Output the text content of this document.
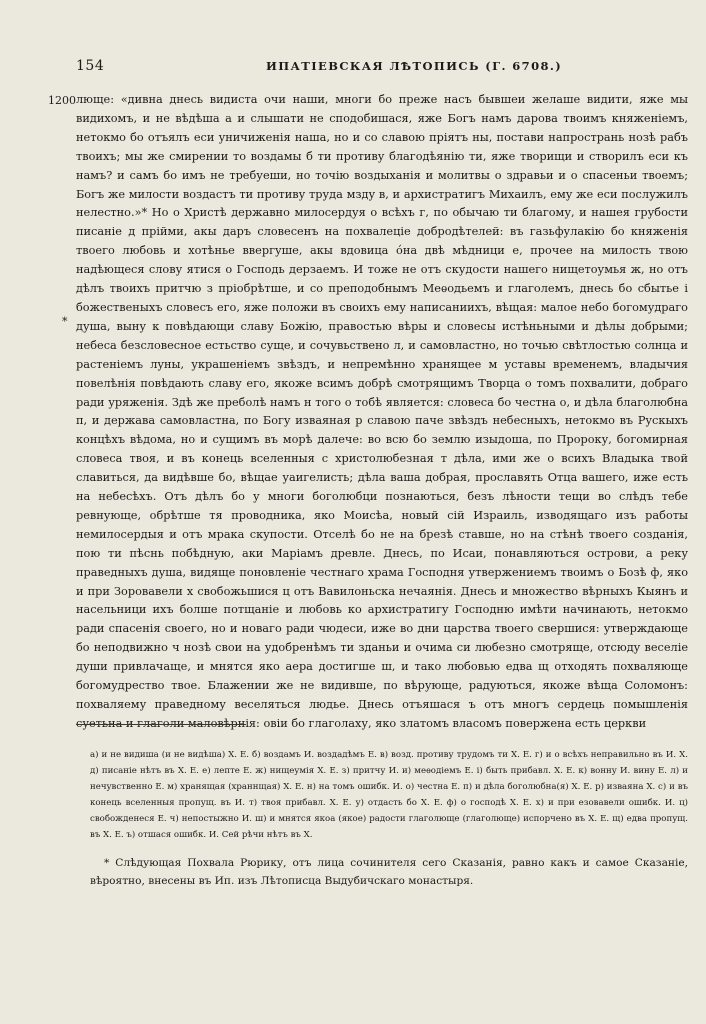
154	ИПАТІЕВСКАЯ ЛѢТОПИСЬ (Г. 6708.)
1200
*

люще: «дивна днесь видиста очи наши, многи бо преже насъ бывшеи желаше видити, яже мы видихомъ, и не вѣдѣша а и слышати не сподобишася, яже Богъ намъ дарова твоимъ княженіемъ, нетокмо бо отъялъ еси уничиженія наша, но и со славою пріятъ ны, постави напространь нозѣ рабъ твоихъ; мы же смирении то воздамы б ти противу благодѣянію ти, яже творищи и створилъ еси къ намъ? и самъ бо имъ не требуеши, но точію воздыханія и молитвы о здравьи и о спасеньи твоемъ; Богъ же милости воздастъ ти противу труда мзду в, и архистратигъ Михаилъ, ему же еси послужилъ нелестно.»* Но о Христѣ державно милосердуя о всѣхъ г, по обычаю ти благому, и нашея грубости писаніе д прійми, акы даръ словесенъ на похвалеціе добродѣтелей: въ газьфулакію бо княженія твоего любовь и хотѣнье ввергуше, акы вдовица óна двѣ мѣдници е, прочее на милость твою надѣющеся слову ятися о Господь дерзаемъ. И тоже не отъ скудости нашего нищетоумья ж, но отъ дѣлъ твоихъ притчю з пріобрѣтше, и со преподобнымъ Меѳодьемъ и глаголемъ, днесь бо сбытье і божественыхъ словесъ его, яже положи въ своихъ ему написаниихъ, вѣщая: малое небо богомудраго душа, выну к повѣдающи славу Божію, правостью вѣры и словесы истѣньными и дѣлы добрыми; небеса безсловесное естьство суще, и сочувьствено л, и самовластно, но точью свѣтлостью солнца и растеніемъ луны, украшеніемъ звѣздъ, и непремѣнно хранящее м уставы временемъ, владычия повелѣнія повѣдають славу его, якоже всимъ добрѣ смотрящимъ Творца о томъ похвалити, добраго ради уряженія. Здѣ же преболѣ намъ н того о тобѣ является: словеса бо честна о, и дѣла благолюбна п, и держава самовластна, по Богу изваяная р славою паче звѣздъ небесныхъ, нетокмо въ Рускыхъ концѣхъ вѣдома, но и сущимъ въ морѣ далече: во всю бо землю изыдоша, по Пророку, богомирная словеса твоя, и въ конець вселенныя с христолюбезная т дѣла, ими же о всихъ Владыка твой славиться, да видѣвше бо, вѣщае уаигелисть; дѣла ваша добрая, прославять Отца вашего, иже есть на небесѣхъ. Отъ дѣлъ бо у многи боголюбци познаються, безъ лѣности тещи во слѣдъ тебе ревнующе, обрѣтше тя проводника, яко Моисѣа, новый сій Израиль, изводящаго изъ работы немилосердыя и отъ мрака скупости. Отселѣ бо не на брезѣ ставше, но на стѣнѣ твоего созданія, пою ти пѣснь побѣдную, аки Маріамъ древле. Днесь, по Исаи, понавляються острови, а реку праведныхъ душа, видяще поновленіе честнаго храма Господня утвержениемъ твоимъ о Бозѣ ф, яко и при Зоровавели х свобожьшися ц отъ Вавилоньска нечаянія. Днесь и множество вѣрныхъ Кыянъ и насельници ихъ болше потщаніе и любовь ко архистратигу Господню имѣти начинають, нетокмо ради спасенія своего, но и новаго ради чюдеси, иже во дни царства твоего свершися: утверждающе бо неподвижно ч нозѣ свои на удобренѣмъ ти зданьи и очима си любезно смотряще, отсюду веселіе души привлачаще, и мнятся яко аера достигше ш, и тако любовью едва щ отходять похваляюще богомудрество твое. Блажении же не видивше, по вѣрующе, радуються, якоже вѣща Соломонъ: похваляему праведному веселяться людье. Днесь отъяшася ъ отъ многъ сердець помышленія суетьна и глаголи маловѣрнія: овіи бо глаголаху, яко златомъ власомъ повержена есть церкви

а) и не видиша (и не видѣша) Х. Е. б) воздамъ И. воздадѣмъ Е. в) возд. противу трудомъ ти Х. Е. г) и о всѣхъ неправильно въ И. Х. д) писаніе нѣтъ въ Х. Е. е) лепте Е. ж) нищеумія Х. Е. з) притчу И. и) меѳодіемъ Е. і) быть прибавл. Х. Е. к) вонну И. вину Е. л) и нечувственно Е. м) хранящая (храннщая) Х. Е. н) на томъ ошибк. И. о) честна Е. п) и дѣла боголюбна(я) Х. Е. р) изваяна Х. с) и въ конець вселенныя пропущ. въ И. т) твоя прибавл. Х. Е. у) отдасть бо Х. Е. ф) о господѣ Х. Е. х) и при езовавели ошибк. И. ц) свобожденеся Е. ч) непостыжно И. ш) и мнятся якоа (якое) радости глаголюще (глаголюще) испорчено въ Х. Е. щ) едва пропущ. въ Х. Е. ъ) отшася ошибк. И. Сей рѣчи нѣтъ въ Х.

* Слѣдующая Похвала Рюрику, отъ лица сочинителя сего Сказанія, равно какъ и самое Сказаніе, вѣроятно, внесены въ Ип. изъ Лѣтописца Выдубичскаго монастыря.
